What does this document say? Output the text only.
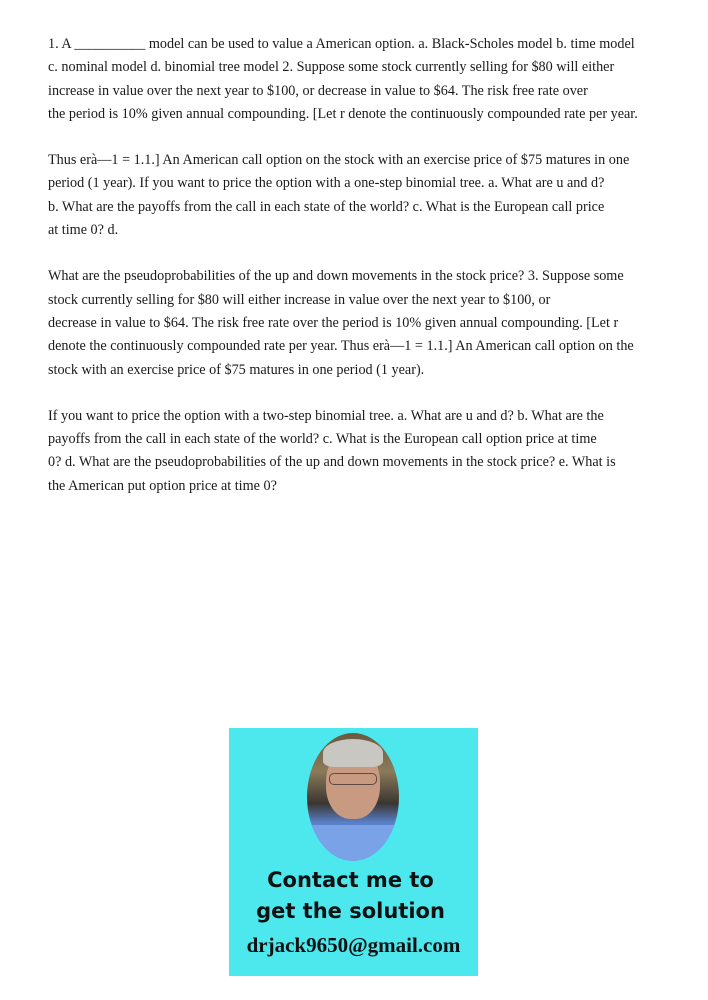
1. A __________ model can be used to value a American option. a. Black-Scholes model b. time model
c. nominal model d. binomial tree model 2. Suppose some stock currently selling for $80 will either
increase in value over the next year to $100, or decrease in value to $64. The risk free rate over
the period is 10% given annual compounding. [Let r denote the continuously compounded rate per year.
Thus erà—1 = 1.1.] An American call option on the stock with an exercise price of $75 matures in one
period (1 year). If you want to price the option with a one-step binomial tree. a. What are u and d?
b. What are the payoffs from the call in each state of the world? c. What is the European call price
at time 0? d.
What are the pseudoprobabilities of the up and down movements in the stock price? 3. Suppose some
stock currently selling for $80 will either increase in value over the next year to $100, or
decrease in value to $64. The risk free rate over the period is 10% given annual compounding. [Let r
denote the continuously compounded rate per year. Thus erà—1 = 1.1.] An American call option on the
stock with an exercise price of $75 matures in one period (1 year).
If you want to price the option with a two-step binomial tree. a. What are u and d? b. What are the
payoffs from the call in each state of the world? c. What is the European call option price at time
0? d. What are the pseudoprobabilities of the up and down movements in the stock price? e. What is
the American put option price at time 0?
Contact me to
get the solution
drjack9650@gmail.com
